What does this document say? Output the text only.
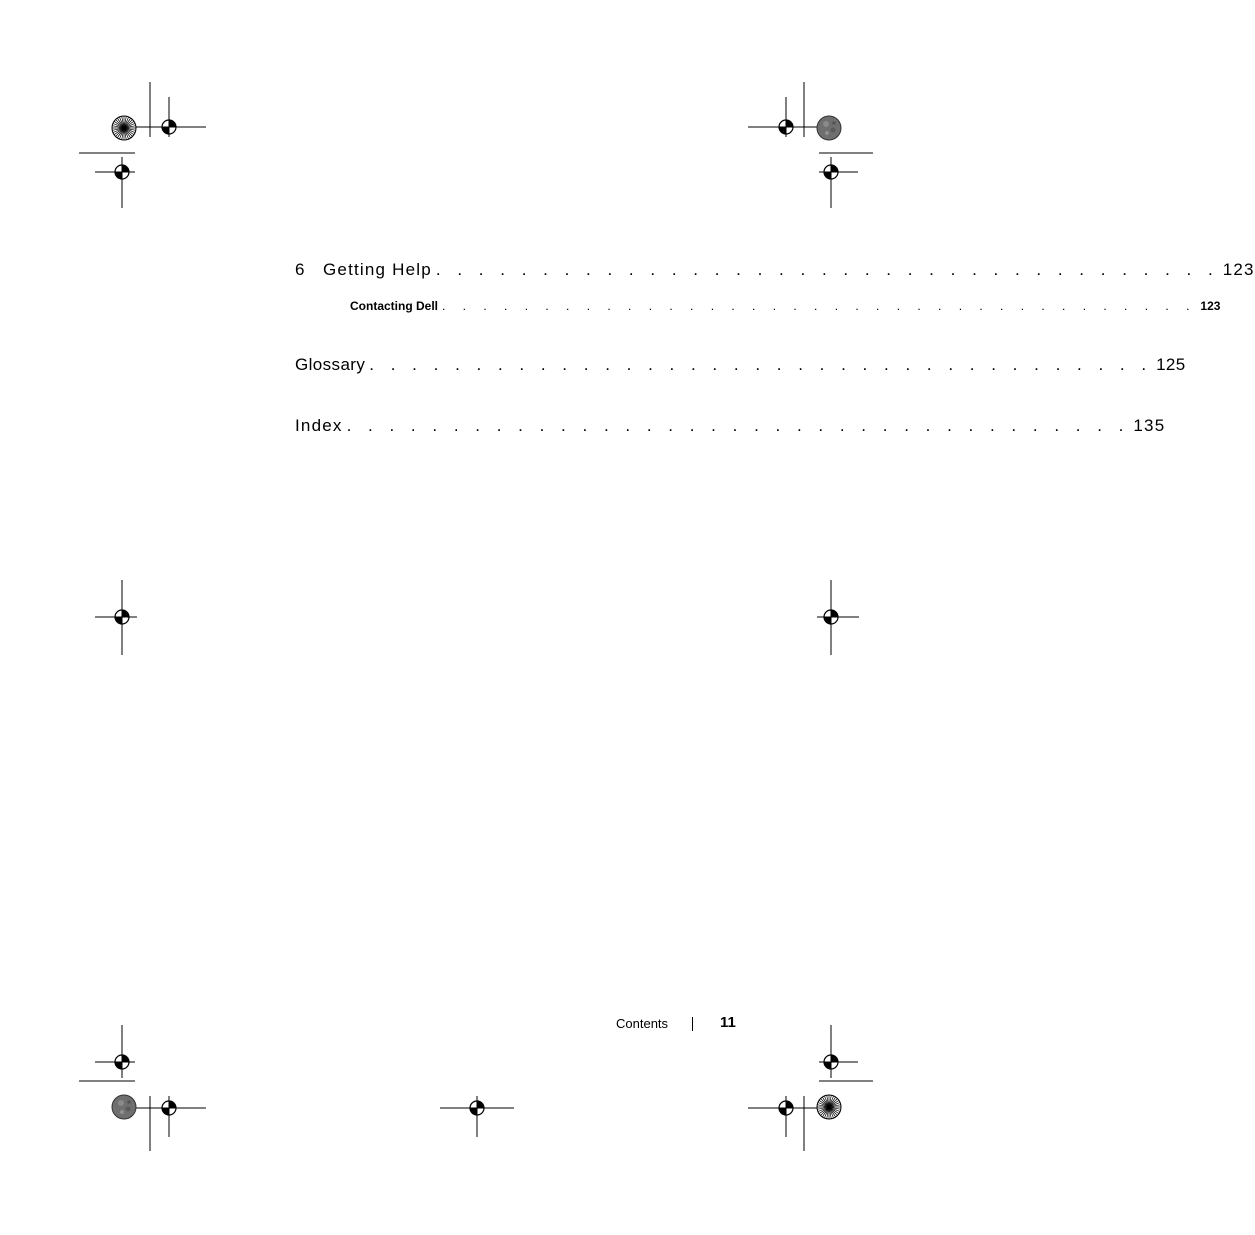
6 Getting Help . . . . . . . . . . . . . . . . . . . . . . . . . . . . . . . . . . . . . 123
Contacting Dell . . . . . . . . . . . . . . . . . . . . . . . . . . . . . . . . . . . . . 123
Glossary . . . . . . . . . . . . . . . . . . . . . . . . . . . . . . . . . . . . . 125
Index . . . . . . . . . . . . . . . . . . . . . . . . . . . . . . . . . . . . . 135
Contents	11
